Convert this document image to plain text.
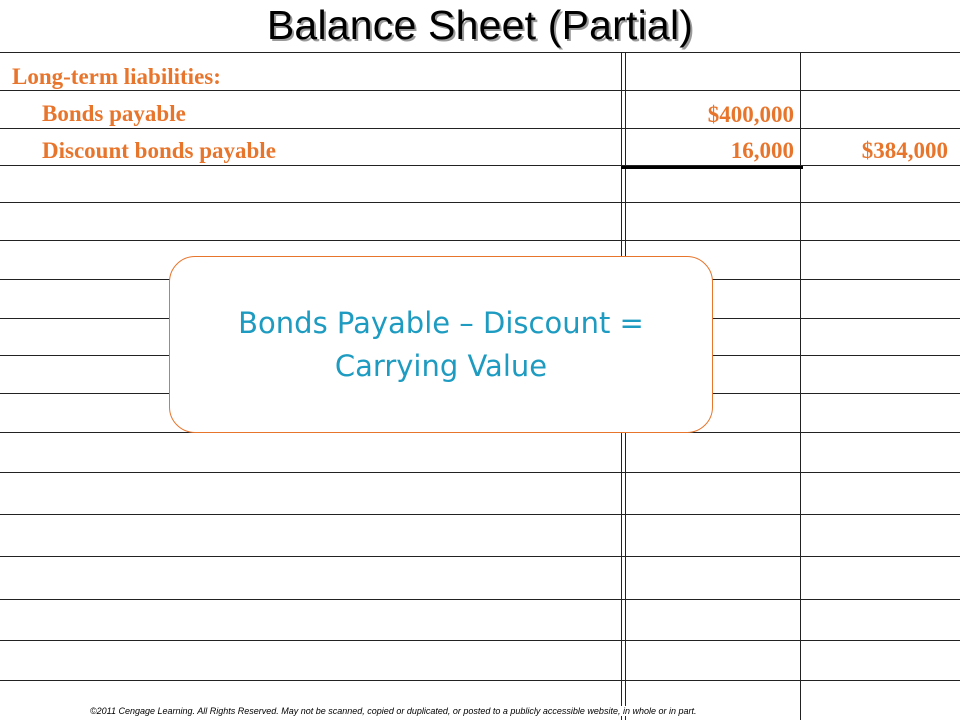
Balance Sheet (Partial)
Long-term liabilities:
Bonds payable	$400,000
Discount bonds payable	16,000	$384,000
Bonds Payable – Discount =
Carrying Value
©2011 Cengage Learning. All Rights Reserved. May not be scanned, copied or duplicated, or posted to a publicly accessible website, in whole or in part.
